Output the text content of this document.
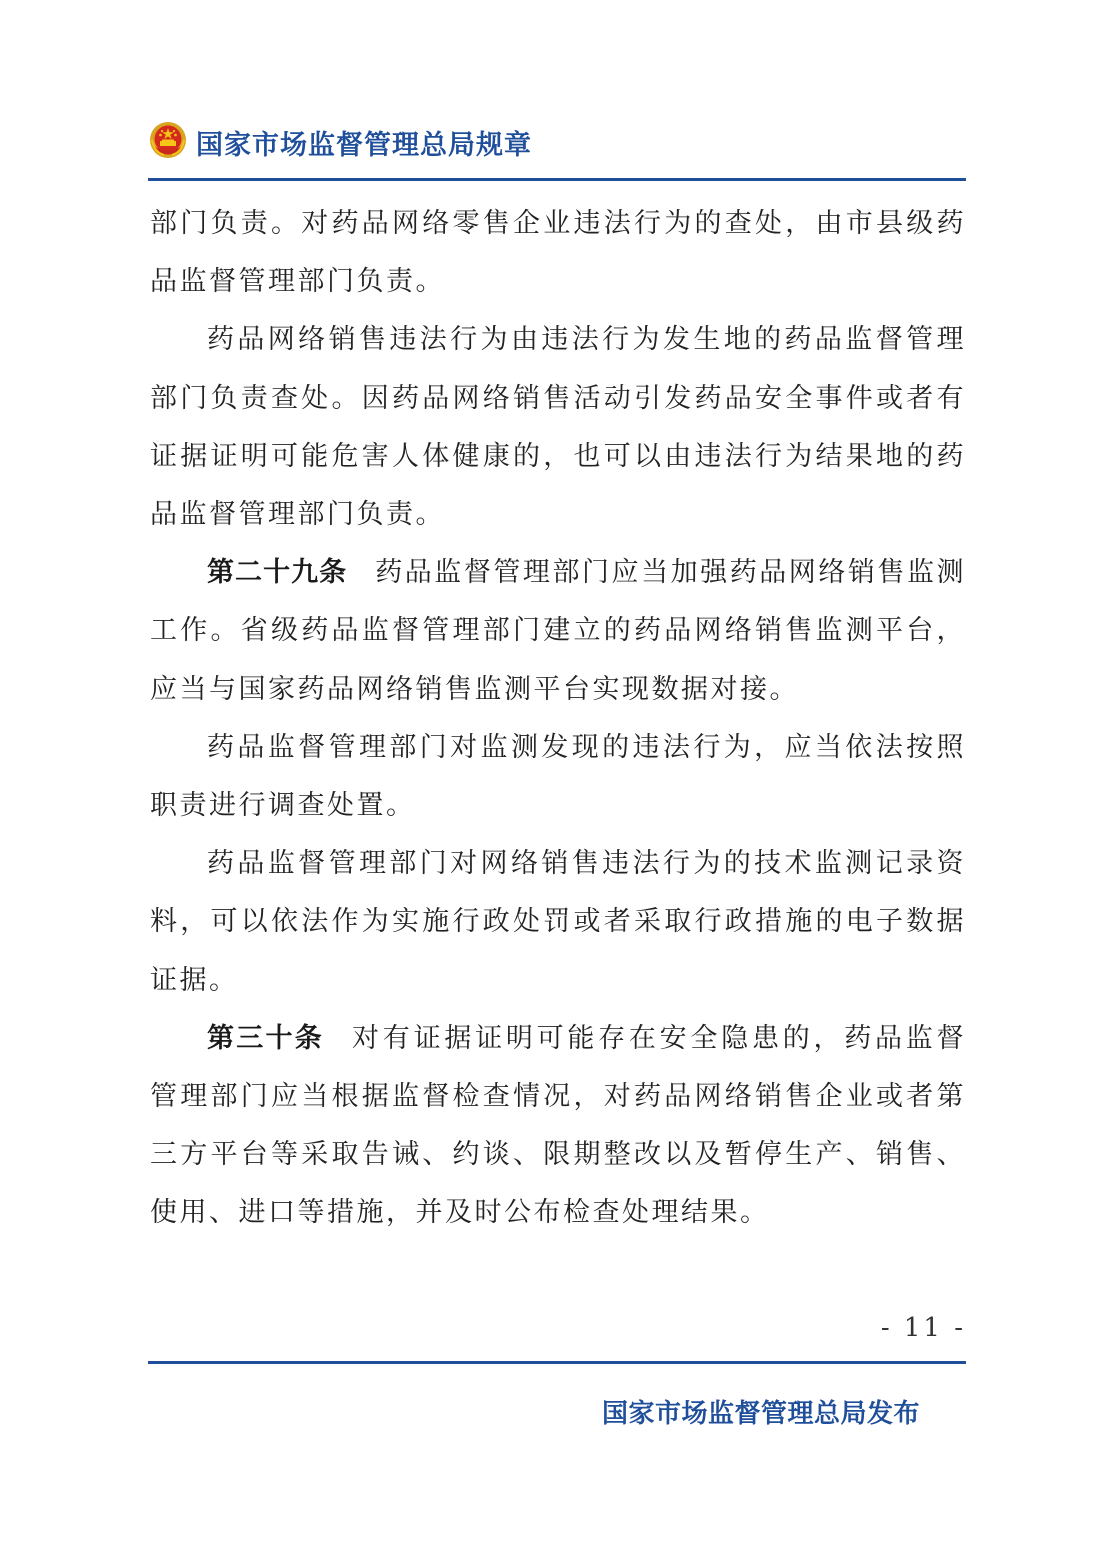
国家市场监督管理总局规章

部门负责。对药品网络零售企业违法行为的查处，由市县级药品监督管理部门负责。

药品网络销售违法行为由违法行为发生地的药品监督管理部门负责查处。因药品网络销售活动引发药品安全事件或者有证据证明可能危害人体健康的，也可以由违法行为结果地的药品监督管理部门负责。

第二十九条 药品监督管理部门应当加强药品网络销售监测工作。省级药品监督管理部门建立的药品网络销售监测平台，应当与国家药品网络销售监测平台实现数据对接。

药品监督管理部门对监测发现的违法行为，应当依法按照职责进行调查处置。

药品监督管理部门对网络销售违法行为的技术监测记录资料，可以依法作为实施行政处罚或者采取行政措施的电子数据证据。

第三十条 对有证据证明可能存在安全隐患的，药品监督管理部门应当根据监督检查情况，对药品网络销售企业或者第三方平台等采取告诫、约谈、限期整改以及暂停生产、销售、使用、进口等措施，并及时公布检查处理结果。

- 11 -
国家市场监督管理总局发布
